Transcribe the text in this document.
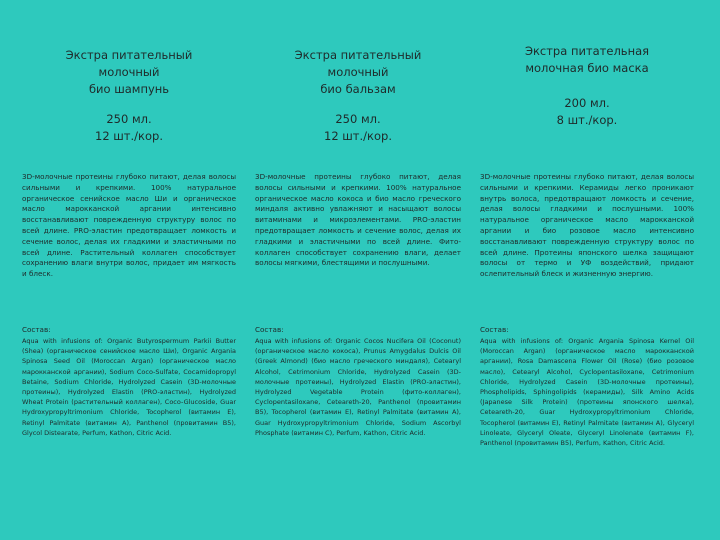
Экстра питательный
молочный
био шампунь
250 мл.
12 шт./кор.
3D-молочные протеины глубоко питают, делая волосы сильными и крепкими. 100% натуральное органическое сенийское масло Ши и органическое масло марокканской аргании интенсивно восстанавливают поврежденную структуру волос по всей длине. PRO-эластин предотвращает ломкость и сечение волос, делая их гладкими и эластичными по всей длине. Растительный коллаген способствует сохранению влаги внутри волос, придает им мягкость и блеск.
Состав:
Aqua with infusions of: Organic Butyrospermum Parkii Butter (Shea) (органическое сенийское масло Ши), Organic Argania Spinosa Seed Oil (Moroccan Argan) (органическое масло марокканской аргании), Sodium Coco-Sulfate, Cocamidopropyl Betaine, Sodium Chloride, Hydrolyzed Casein (3D-молочные протеины), Hydrolyzed Elastin (PRO-эластин), Hydrolyzed Wheat Protein (растительный коллаген), Coco-Glucoside, Guar Hydroxypropyltrimonium Chloride, Tocopherol (витамин E), Retinyl Palmitate (витамин А), Panthenol (провитамин B5), Glycol Distearate, Perfum, Kathon, Citric Acid.
Экстра питательный
молочный
био бальзам
250 мл.
12 шт./кор.
3D-молочные протеины глубоко питают, делая волосы сильными и крепкими. 100% натуральное органическое масло кокоса и био масло греческого миндаля активно увлажняют и насыщают волосы витаминами и микроэлементами. PRO-эластин предотвращает ломкость и сечение волос, делая их гладкими и эластичными по всей длине. Фито-коллаген способствует сохранению влаги, делает волосы мягкими, блестящими и послушными.
Состав:
Aqua with infusions of: Organic Cocos Nucifera Oil (Coconut) (органическое масло кокоса), Prunus Amygdalus Dulcis Oil (Greek Almond) (био масло греческого миндаля), Cetearyl Alcohol, Cetrimonium Chloride, Hydrolyzed Casein (3D-молочные протеины), Hydrolyzed Elastin (PRO-эластин), Hydrolyzed Vegetable Protein (фито-коллаген), Cyclopentasiloxane, Ceteareth-20, Panthenol (провитамин B5), Tocopherol (витамин E), Retinyl Palmitate (витамин А), Guar Hydroxypropyltrimonium Chloride, Sodium Ascorbyl Phosphate (витамин C), Perfum, Kathon, Citric Acid.
Экстра питательная
молочная био маска
200 мл.
8 шт./кор.
3D-молочные протеины глубоко питают, делая волосы сильными и крепкими. Керамиды легко проникают внутрь волоса, предотвращают ломкость и сечение, делая волосы гладкими и послушными. 100% натуральное органическое масло марокканской аргании и био розовое масло интенсивно восстанавливают поврежденную структуру волос по всей длине. Протеины японского шелка защищают волосы от термо и УФ воздействий, придают ослепительный блеск и жизненную энергию.
Состав:
Aqua with infusions of: Organic Argania Spinosa Kernel Oil (Moroccan Argan) (органическое масло марокканской аргании), Rosa Damascena Flower Oil (Rose) (био розовое масло), Cetearyl Alcohol, Cyclopentasiloxane, Cetrimonium Chloride, Hydrolyzed Casein (3D-молочные протеины), Phospholipids, Sphingolipids (керамиды), Silk Amino Acids (Japanese Silk Protein) (протеины японского шелка), Ceteareth-20, Guar Hydroxypropyltrimonium Chloride, Tocopherol (витамин E), Retinyl Palmitate (витамин А), Glyceryl Linoleate, Glyceryl Oleate, Glyceryl Linolenate (витамин F), Panthenol (провитамин B5), Perfum, Kathon, Citric Acid.
